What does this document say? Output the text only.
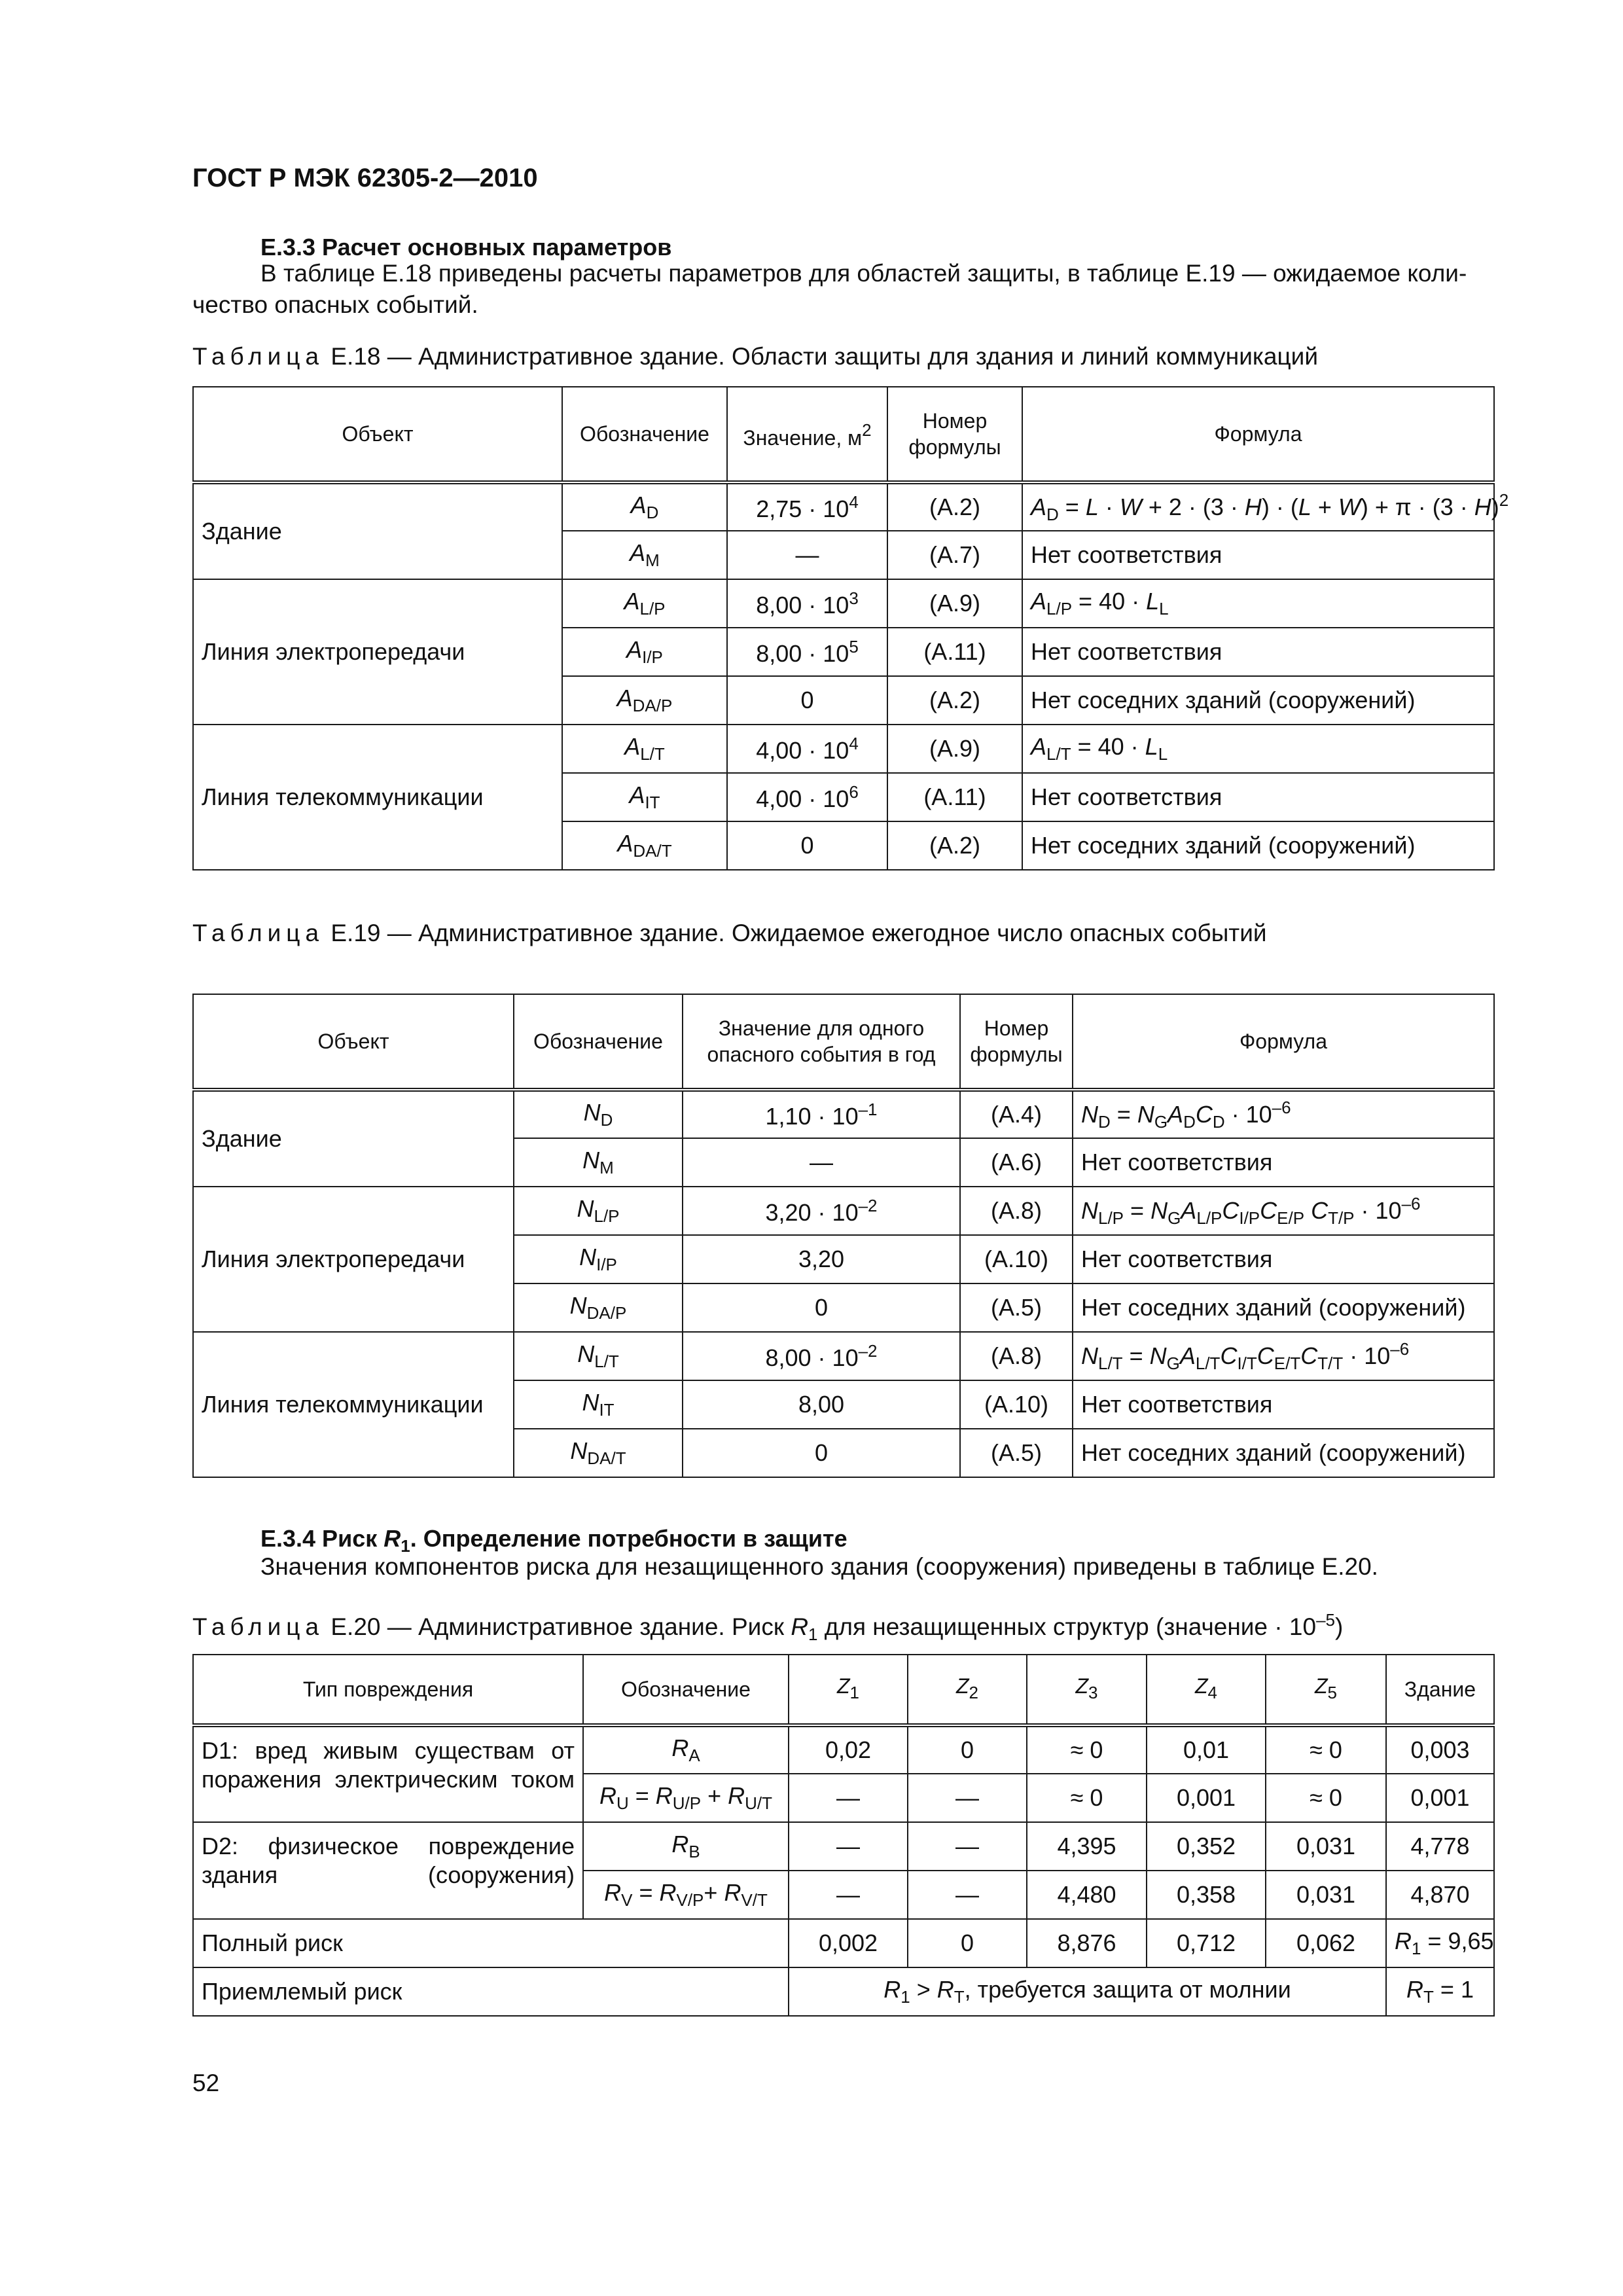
ГОСТ Р МЭК 62305-2—2010
Е.3.3 Расчет основных параметров
В таблице Е.18 приведены расчеты параметров для областей защиты, в таблице Е.19 — ожидаемое коли-
чество опасных событий.
Таблица Е.18 — Административное здание. Области защиты для здания и линий коммуникаций
Объект	Обозначение	Значение, $м^2$	Номер
формулы	Формула
Здание	$A_D$	$2,75 \cdot 10^4$	(А.2)	$A_D = L \cdot W + 2 \cdot (3 \cdot H) \cdot (L + W) + \pi \cdot (3 \cdot H)^2$
	$A_M$	—	(А.7)	Нет соответствия
Линия электропередачи	$A_{L/P}$	$8,00 \cdot 10^3$	(А.9)	$A_{L/P} = 40 \cdot L_L$
	$A_{I/P}$	$8,00 \cdot 10^5$	(А.11)	Нет соответствия
	$A_{DA/P}$	0	(А.2)	Нет соседних зданий (сооружений)
Линия телекоммуникации	$A_{L/T}$	$4,00 \cdot 10^4$	(А.9)	$A_{L/T} = 40 \cdot L_L$
	$A_{IT}$	$4,00 \cdot 10^6$	(А.11)	Нет соответствия
	$A_{DA/T}$	0	(А.2)	Нет соседних зданий (сооружений)
Таблица Е.19 — Административное здание. Ожидаемое ежегодное число опасных событий
Объект	Обозначение	Значение для одного
опасного события в год	Номер
формулы	Формула
Здание	$N_D$	$1,10 \cdot 10^{-1}$	(А.4)	$N_D = N_GA_DC_D \cdot 10^{-6}$
	$N_M$	—	(А.6)	Нет соответствия
Линия электропередачи	$N_{L/P}$	$3,20 \cdot 10^{-2}$	(А.8)	$N_{L/P} = N_GA_{L/P}C_{I/P}C_{E/P}$ $C_{T/P} \cdot 10^{-6}$
	$N_{I/P}$	3,20	(А.10)	Нет соответствия
	$N_{DA/P}$	0	(А.5)	Нет соседних зданий (сооружений)
Линия телекоммуникации	$N_{L/T}$	$8,00 \cdot 10^{-2}$	(А.8)	$N_{L/T} = N_GA_{L/T}C_{I/T}C_{E/T}C_{T/T} \cdot 10^{-6}$
	$N_{IT}$	8,00	(А.10)	Нет соответствия
	$N_{DA/T}$	0	(А.5)	Нет соседних зданий (сооружений)
Е.3.4 Риск $R_1$. Определение потребности в защите
Значения компонентов риска для незащищенного здания (сооружения) приведены в таблице Е.20.
Таблица Е.20 — Административное здание. Риск $R_1$ для незащищенных структур (значение · $10^{-5}$)
Тип повреждения	Обозначение	$Z_1$	$Z_2$	$Z_3$	$Z_4$	$Z_5$	Здание
D1: вред живым существам от поражения электрическим током	$R_A$	0,02	0	≈ 0	0,01	≈ 0	0,003
	$R_U = R_{U/P} + R_{U/T}$	—	—	≈ 0	0,001	≈ 0	0,001
D2: физическое повреждение здания (сооружения)	$R_B$	—	—	4,395	0,352	0,031	4,778
	$R_V = R_{V/P}+ R_{V/T}$	—	—	4,480	0,358	0,031	4,870
Полный риск		0,002	0	8,876	0,712	0,062	$R_1 = 9,65$
Приемлемый риск		$R_1 > R_T$, требуется защита от молнии					$R_T = 1$
52
